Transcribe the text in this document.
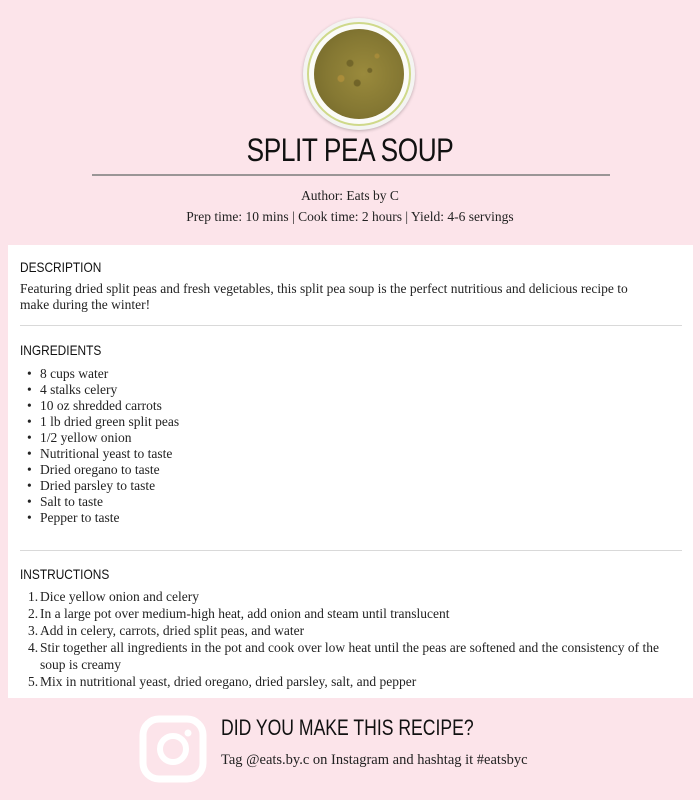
SPLIT PEA SOUP
Author: Eats by C
Prep time: 10 mins | Cook time: 2 hours | Yield: 4-6 servings
DESCRIPTION
Featuring dried split peas and fresh vegetables, this split pea soup is the perfect nutritious and delicious recipe to make during the winter!
INGREDIENTS
• 8 cups water
• 4 stalks celery
• 10 oz shredded carrots
• 1 lb dried green split peas
• 1/2 yellow onion
• Nutritional yeast to taste
• Dried oregano to taste
• Dried parsley to taste
• Salt to taste
• Pepper to taste
INSTRUCTIONS
1. Dice yellow onion and celery
2. In a large pot over medium-high heat, add onion and steam until translucent
3. Add in celery, carrots, dried split peas, and water
4. Stir together all ingredients in the pot and cook over low heat until the peas are softened and the consistency of the soup is creamy
5. Mix in nutritional yeast, dried oregano, dried parsley, salt, and pepper
DID YOU MAKE THIS RECIPE?
Tag @eats.by.c on Instagram and hashtag it #eatsbyc
